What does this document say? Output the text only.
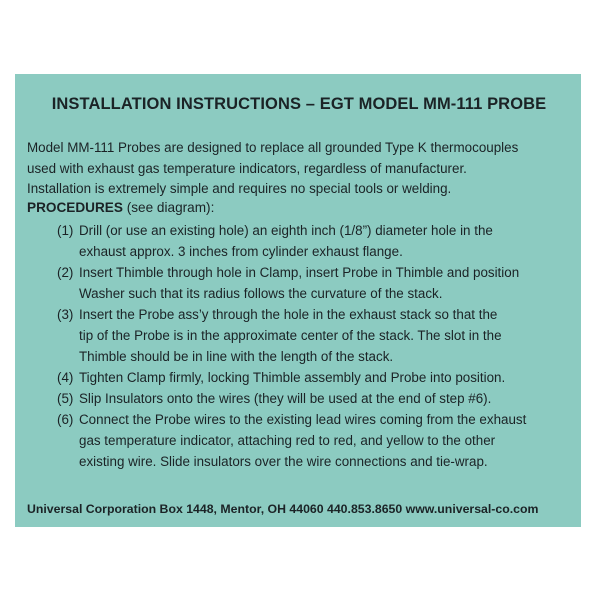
INSTALLATION INSTRUCTIONS – EGT MODEL MM-111 PROBE
Model MM-111 Probes are designed to replace all grounded Type K thermocouples
used with exhaust gas temperature indicators, regardless of manufacturer.
Installation is extremely simple and requires no special tools or welding.
PROCEDURES (see diagram):
(1) Drill (or use an existing hole) an eighth inch (1/8”) diameter hole in the
exhaust approx. 3 inches from cylinder exhaust flange.
(2) Insert Thimble through hole in Clamp, insert Probe in Thimble and position
Washer such that its radius follows the curvature of the stack.
(3) Insert the Probe ass’y through the hole in the exhaust stack so that the
tip of the Probe is in the approximate center of the stack. The slot in the
Thimble should be in line with the length of the stack.
(4) Tighten Clamp firmly, locking Thimble assembly and Probe into position.
(5) Slip Insulators onto the wires (they will be used at the end of step #6).
(6) Connect the Probe wires to the existing lead wires coming from the exhaust
gas temperature indicator, attaching red to red, and yellow to the other
existing wire. Slide insulators over the wire connections and tie-wrap.
Universal Corporation Box 1448, Mentor, OH 44060 440.853.8650 www.universal-co.com
